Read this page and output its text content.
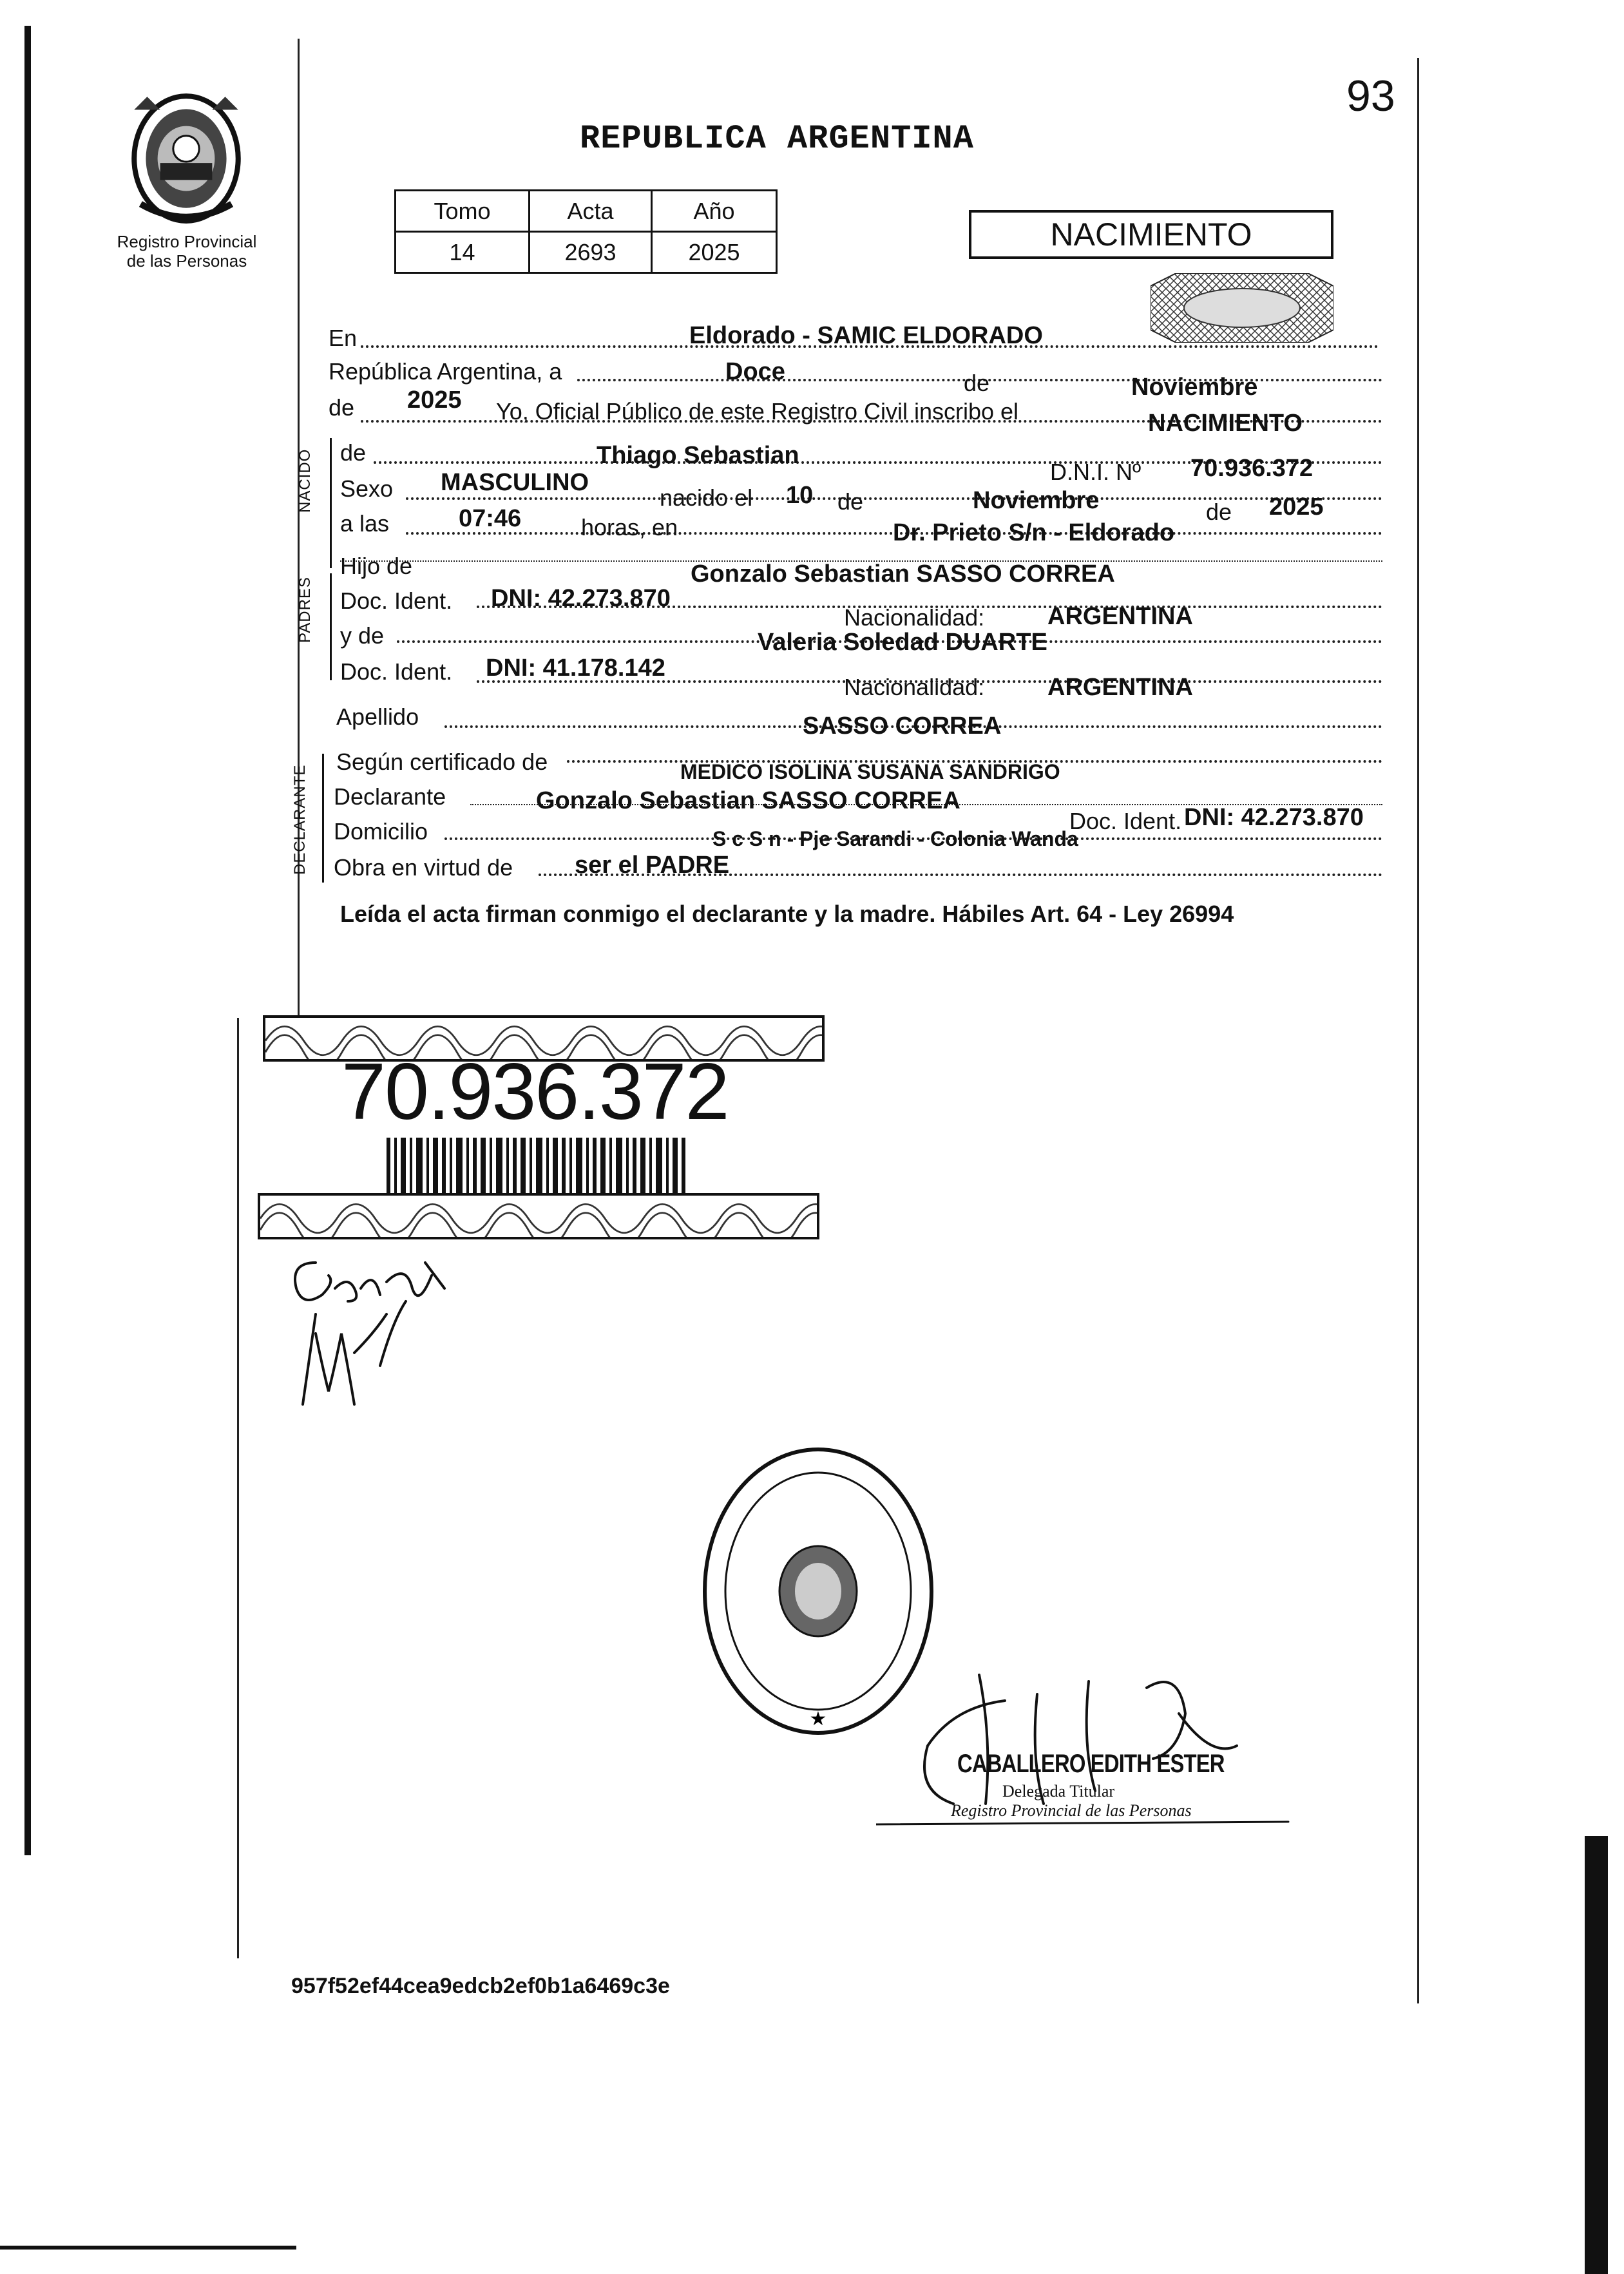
93
Registro Provincial
de las Personas
REPUBLICA ARGENTINA
Tomo	Acta	Año
14	2693	2025	NACIMIENTO
En	Eldorado - SAMIC ELDORADO
República Argentina, a	Doce	de	Noviembre
de 2025 Yo, Oficial Público de este Registro Civil inscribo el	NACIMIENTO
NACIDO de	Thiago Sebastian
D.N.I. Nº 70.936.372
Sexo MASCULINO
nacido el 10 de	Noviembre	de 2025
a las	07:46	horas, en	Dr. Prieto S/n - Eldorado
PADRES
Hijo de	Gonzalo Sebastian SASSO CORREA
Doc. Ident. DNI: 42.273.870
Nacionalidad:	ARGENTINA
y de	Valeria Soledad DUARTE
Doc. Ident. DNI: 41.178.142
Nacionalidad:	ARGENTINA
Apellido	SASSO CORREA
DECLARANTE
Según certificado de	MEDICO ISOLINA SUSANA SANDRIGO
Declarante	Gonzalo Sebastian SASSO CORREA
Doc. Ident. DNI: 42.273.870
Domicilio	S c S n - Pje Sarandi - Colonia Wanda
Obra en virtud de	ser el PADRE
Leída el acta firman conmigo el declarante y la madre. Hábiles Art. 64 - Ley 26994
70.936.372
★
CABALLERO EDITH ESTER
Delegada Titular
Registro Provincial de las Personas
957f52ef44cea9edcb2ef0b1a6469c3e
